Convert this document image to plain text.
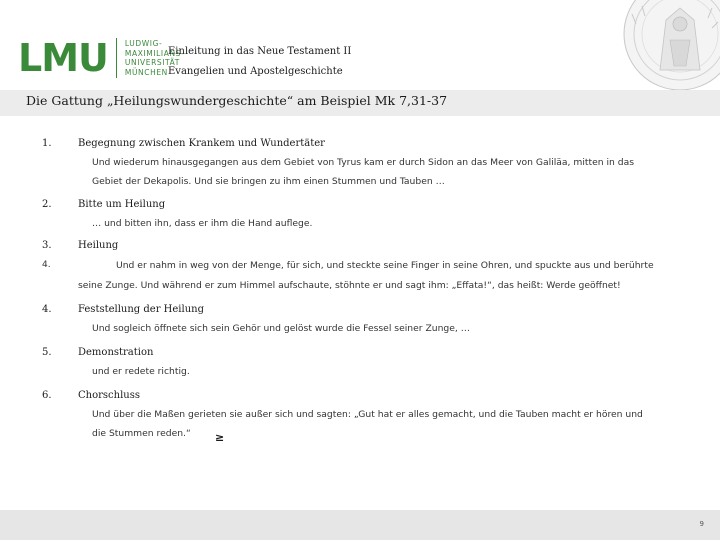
LMU LUDWIG-
MAXIMILIANS-
UNIVERSITÄT
MÜNCHEN
Einleitung in das Neue Testament II
Evangelien und Apostelgeschichte
Die Gattung „Heilungswundergeschichte“ am Beispiel Mk 7,31-37
1.	Begegnung zwischen Krankem und Wundertäter
Und wiederum hinausgegangen aus dem Gebiet von Tyrus kam er durch Sidon an das Meer von Galiläa, mitten in das
Gebiet der Dekapolis. Und sie bringen zu ihm einen Stummen und Tauben …
2.	Bitte um Heilung
… und bitten ihn, dass er ihm die Hand auflege.
3.	Heilung
4.	Und er nahm in weg von der Menge, für sich, und steckte seine Finger in seine Ohren, und spuckte aus und berührte
seine Zunge. Und während er zum Himmel aufschaute, stöhnte er und sagt ihm: „Effata!“, das heißt: Werde geöffnet!
4.	Feststellung der Heilung
Und sogleich öffnete sich sein Gehör und gelöst wurde die Fessel seiner Zunge, …
5.	Demonstration
und er redete richtig.
6.	Chorschluss
Und über die Maßen gerieten sie außer sich und sagten: „Gut hat er alles gemacht, und die Tauben macht er hören und
die Stummen reden.“ ≥
9
